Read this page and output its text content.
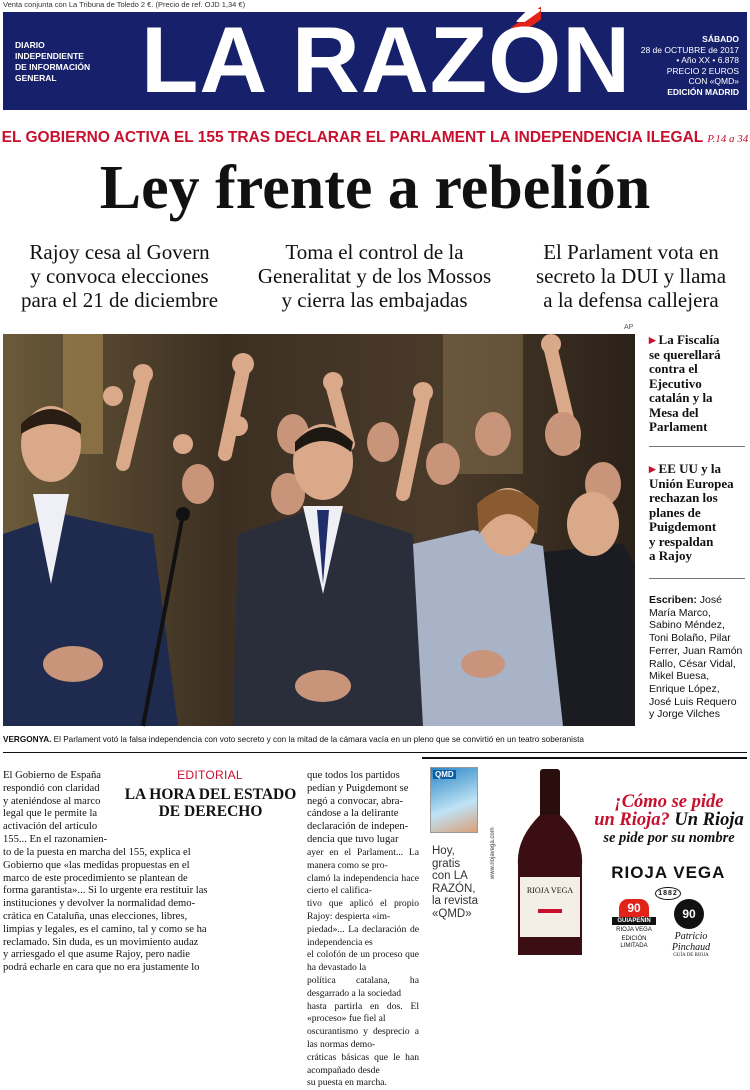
Venta conjunta con La Tribuna de Toledo 2 €. (Precio de ref. OJD 1,34 €)
DIARIO
INDEPENDIENTE
DE INFORMACIÓN
GENERAL LA RAZÓN	SÁBADO
28 de OCTUBRE de 2017
• Año XX • 6.878
PRECIO 2 EUROS
CON «QMD»
EDICIÓN MADRID
EL GOBIERNO ACTIVA EL 155 TRAS DECLARAR EL PARLAMENT LA INDEPENDENCIA ILEGAL P.14 a 34
Ley frente a rebelión
Rajoy cesa al Govern
y convoca elecciones
para el 21 de diciembre
Toma el control de la
Generalitat y de los Mossos
y cierra las embajadas
El Parlament vota en
secreto la DUI y llama
a la defensa callejera
AP
▸ La Fiscalía
se querellará
contra el
Ejecutivo
catalán y la
Mesa del
Parlament
▸ EE UU y la
Unión Europea
rechazan los
planes de
Puigdemont
y respaldan
a Rajoy
Escriben: José
María Marco,
Sabino Méndez,
Toni Bolaño, Pilar
Ferrer, Juan Ramón
Rallo, César Vidal,
Mikel Buesa,
Enrique López,
José Luis Requero
y Jorge Vilches
VERGONYA. El Parlament votó la falsa independencia con voto secreto y con la mitad de la cámara vacía en un pleno que se convirtió en un teatro soberanista
El Gobierno de España
respondió con claridad
y ateniéndose al marco
legal que le permite la
activación del artículo
155... En el razonamien-
EDITORIAL
LA HORA DEL ESTADO
DE DERECHO
to de la puesta en marcha del 155, explica el
Gobierno que «las medidas propuestas en el
marco de este procedimiento se plantean de
forma garantista»... Si lo urgente era restituir las
instituciones y devolver la normalidad demo-
crática en Cataluña, unas elecciones, libres,
limpias y legales, es el camino, tal y como se ha
reclamado. Sin duda, es un movimiento audaz
y arriesgado el que asume Rajoy, pero nadie
podrá echarle en cara que no era justamente lo
que todos los partidos
pedían y Puigdemont se
negó a convocar, abra-
cándose a la delirante
declaración de indepen-
dencia que tuvo lugar
ayer en el Parlament... La manera como se pro-
clamó la independencia hace cierto el califica-
tivo que aplicó el propio Rajoy: despierta «im-
piedad»... La declaración de independencia es
el colofón de un proceso que ha devastado la
política catalana, ha desgarrado a la sociedad
hasta partirla en dos. El «proceso» fue fiel al
oscurantismo y desprecio a las normas demo-
cráticas básicas que le han acompañado desde
su puesta en marcha.
QMD
Hoy,
gratis
con LA
RAZÓN,
la revista
«QMD»
www.riojavega.com
RIOJA VEGA
¡Cómo se pide
un Rioja? Un Rioja
se pide por su nombre
RIOJA VEGA 1882
90
GUIAPEÑIN
RIOJA VEGA
EDICIÓN LIMITADA
90
Patricio Pinchaud
GUÍA DE RIOJA
